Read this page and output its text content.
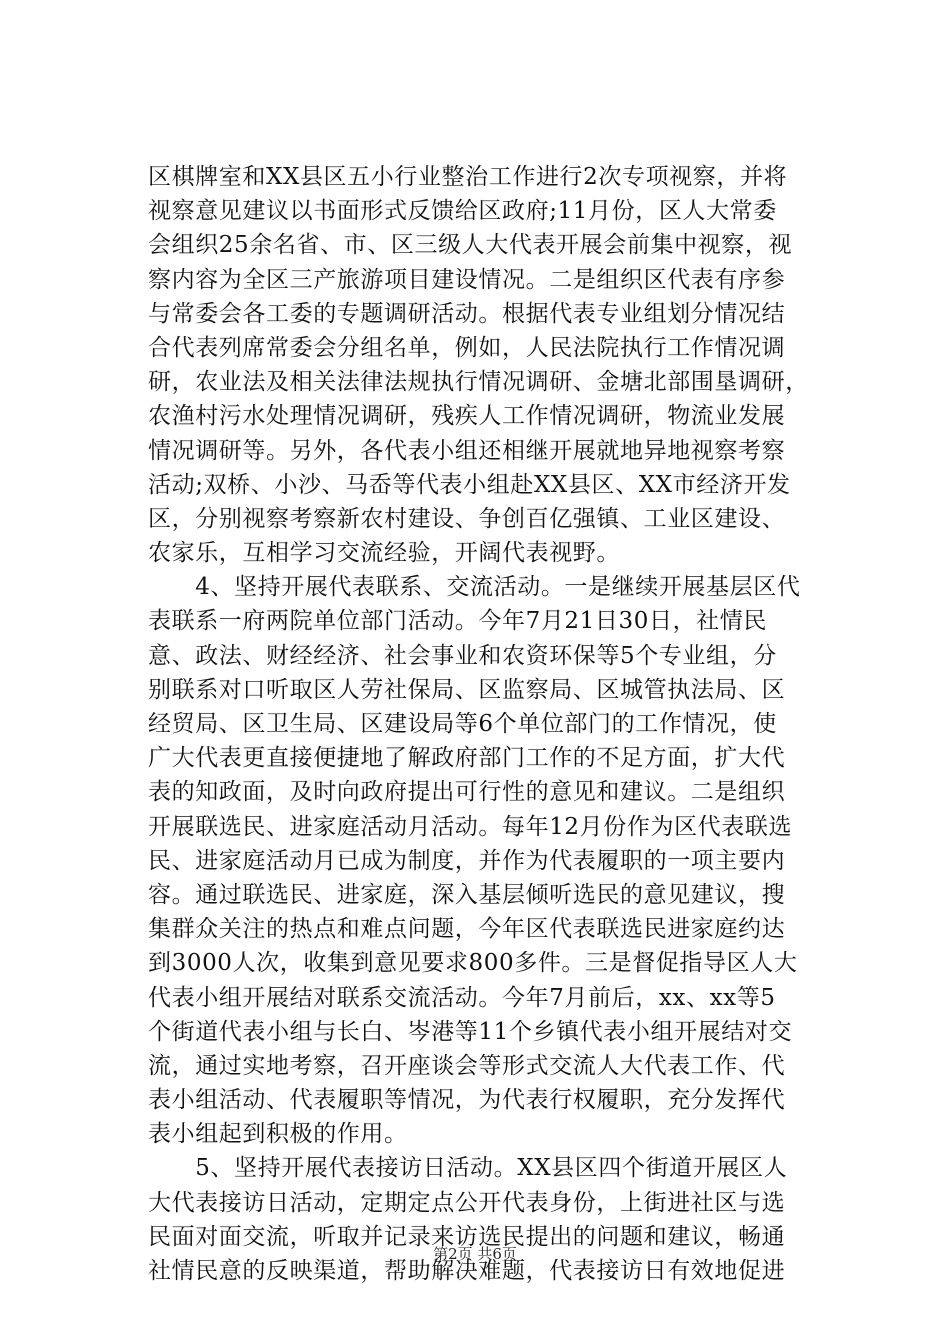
区棋牌室和XX县区五小行业整治工作进行2次专项视察，并将
视察意见建议以书面形式反馈给区政府;11月份，区人大常委
会组织25余名省、市、区三级人大代表开展会前集中视察，视
察内容为全区三产旅游项目建设情况。二是组织区代表有序参
与常委会各工委的专题调研活动。根据代表专业组划分情况结
合代表列席常委会分组名单，例如，人民法院执行工作情况调
研，农业法及相关法律法规执行情况调研、金塘北部围垦调研，
农渔村污水处理情况调研，残疾人工作情况调研，物流业发展
情况调研等。另外，各代表小组还相继开展就地异地视察考察
活动;双桥、小沙、马岙等代表小组赴XX县区、XX市经济开发
区，分别视察考察新农村建设、争创百亿强镇、工业区建设、
农家乐，互相学习交流经验，开阔代表视野。
　　4、坚持开展代表联系、交流活动。一是继续开展基层区代
表联系一府两院单位部门活动。今年7月21日30日，社情民
意、政法、财经经济、社会事业和农资环保等5个专业组，分
别联系对口听取区人劳社保局、区监察局、区城管执法局、区
经贸局、区卫生局、区建设局等6个单位部门的工作情况，使
广大代表更直接便捷地了解政府部门工作的不足方面，扩大代
表的知政面，及时向政府提出可行性的意见和建议。二是组织
开展联选民、进家庭活动月活动。每年12月份作为区代表联选
民、进家庭活动月已成为制度，并作为代表履职的一项主要内
容。通过联选民、进家庭，深入基层倾听选民的意见建议，搜
集群众关注的热点和难点问题，今年区代表联选民进家庭约达
到3000人次，收集到意见要求800多件。三是督促指导区人大
代表小组开展结对联系交流活动。今年7月前后，xx、xx等5
个街道代表小组与长白、岑港等11个乡镇代表小组开展结对交
流，通过实地考察，召开座谈会等形式交流人大代表工作、代
表小组活动、代表履职等情况，为代表行权履职，充分发挥代
表小组起到积极的作用。
　　5、坚持开展代表接访日活动。XX县区四个街道开展区人
大代表接访日活动，定期定点公开代表身份，上街进社区与选
民面对面交流，听取并记录来访选民提出的问题和建议，畅通
社情民意的反映渠道，帮助解决难题，代表接访日有效地促进
第2页 共6页
